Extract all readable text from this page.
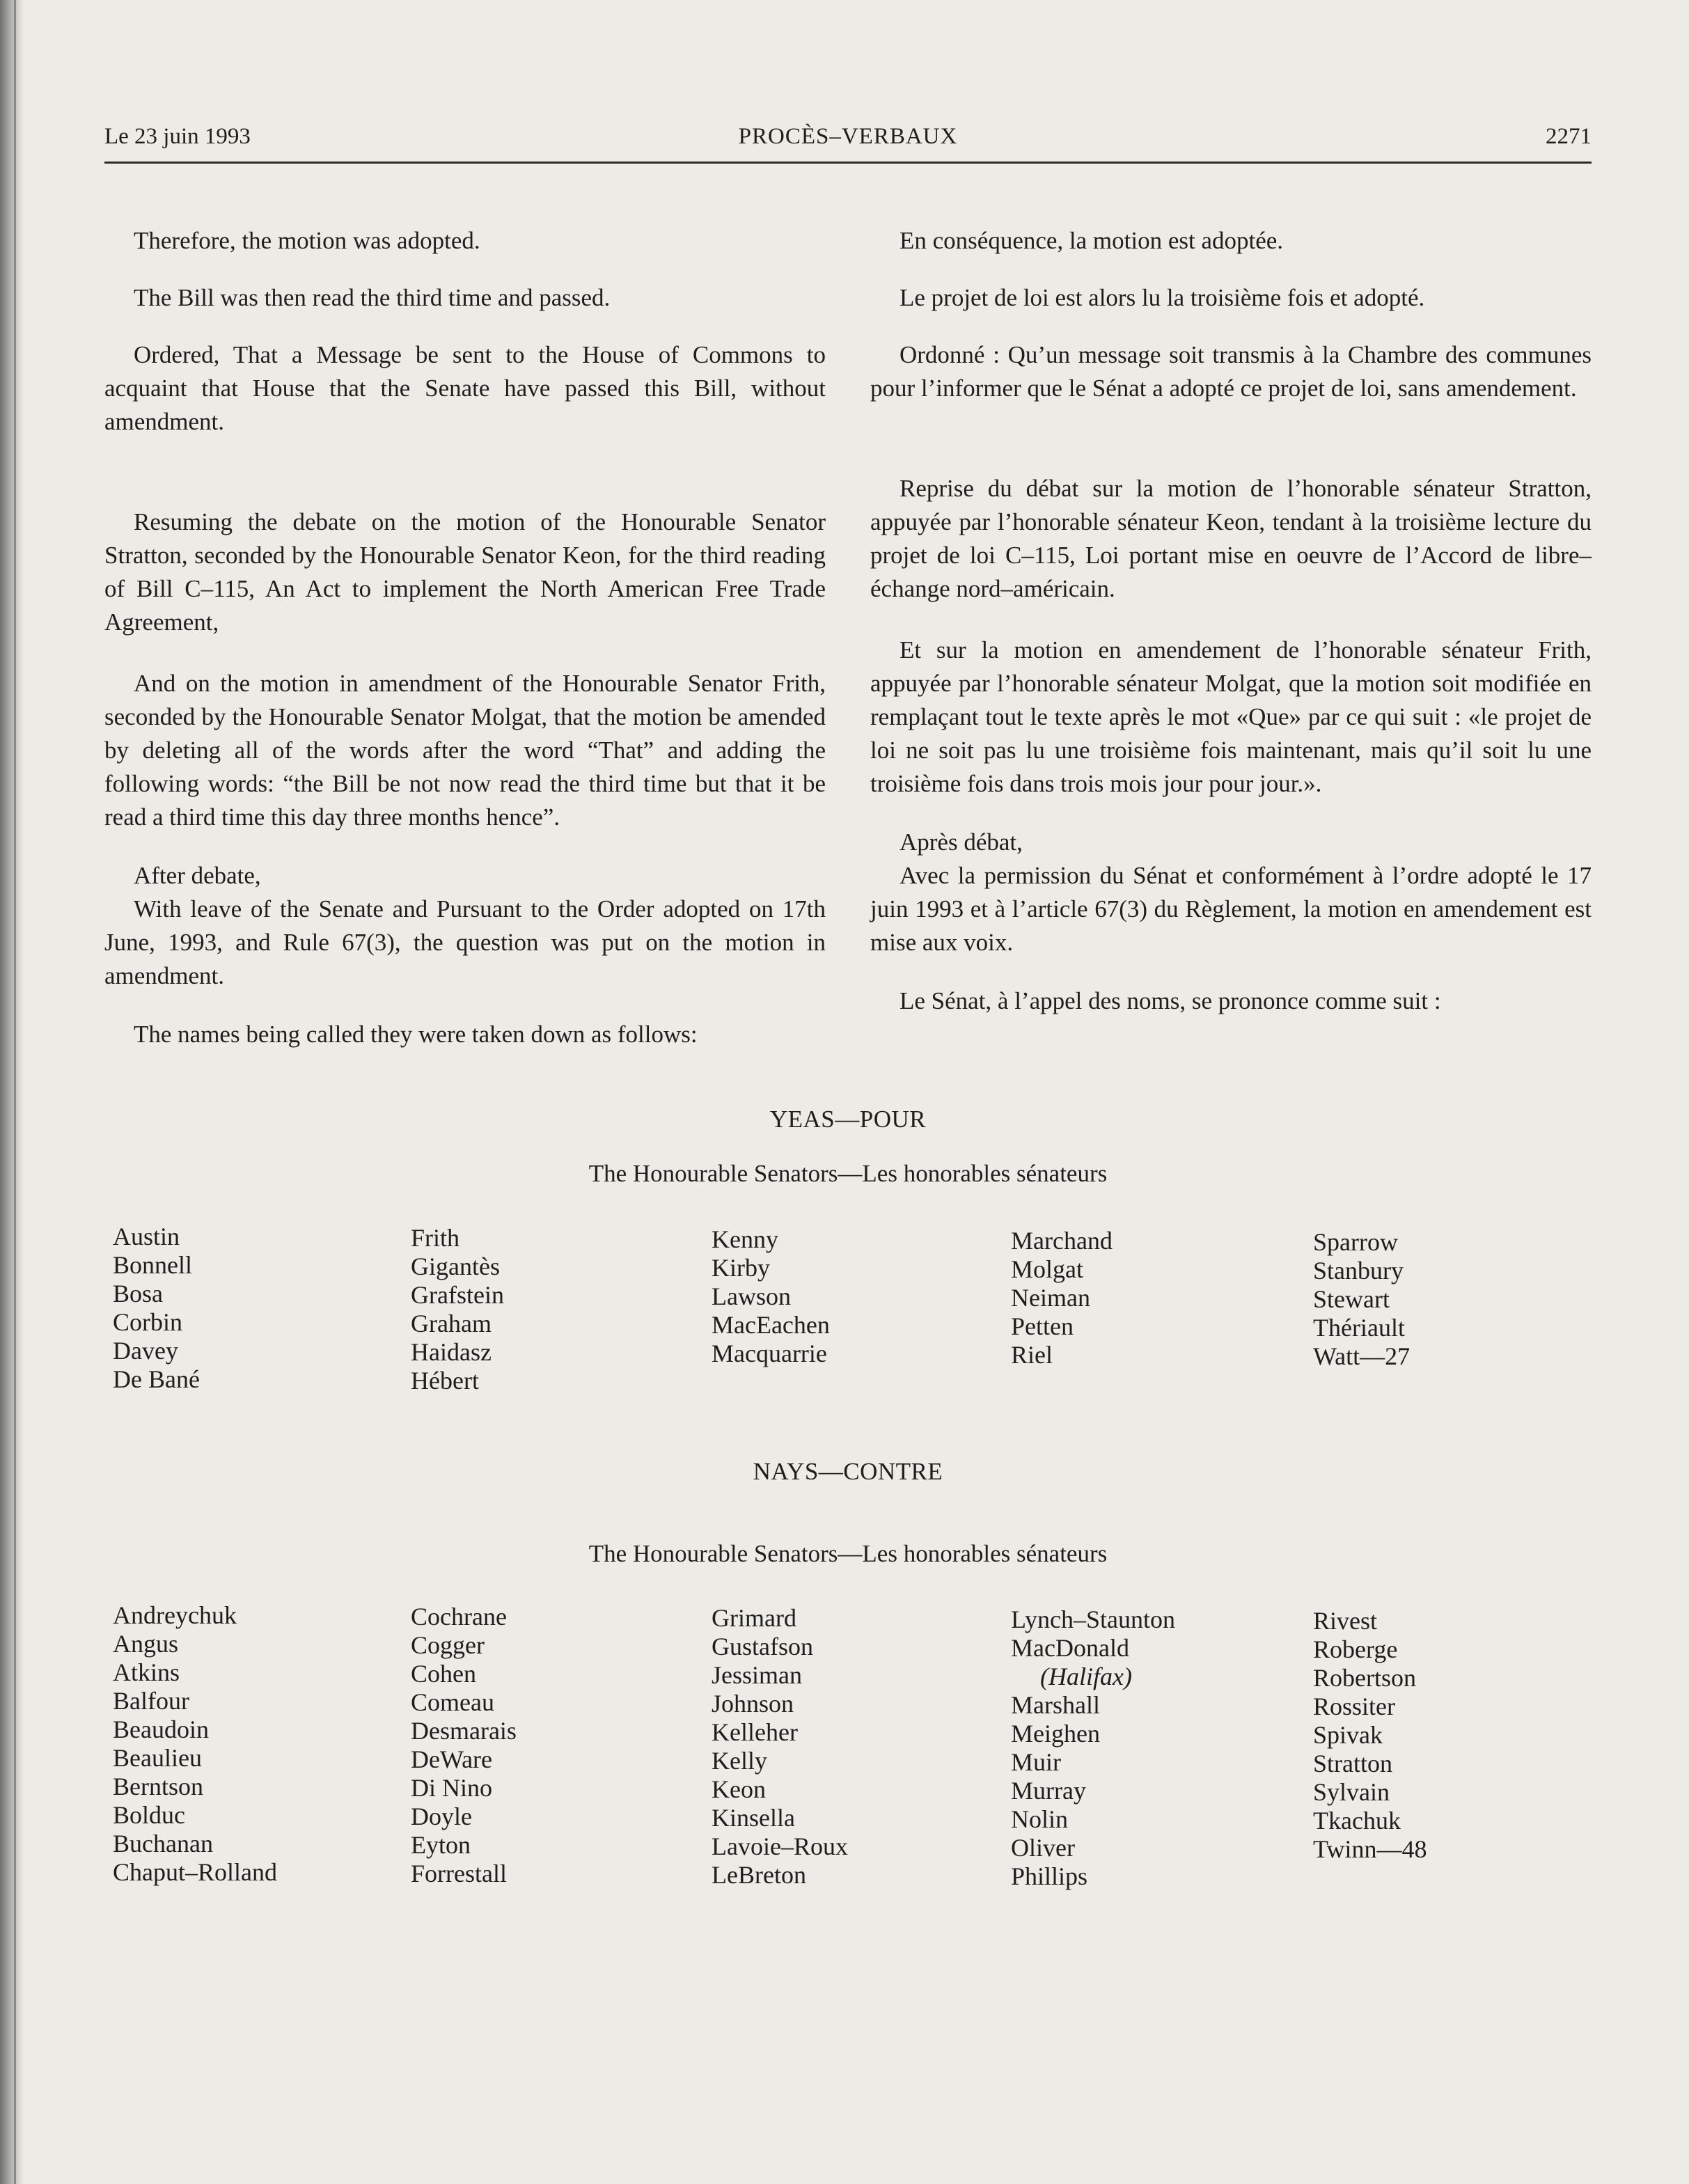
Le 23 juin 1993	PROCÈS–VERBAUX	2271

Therefore, the motion was adopted.

The Bill was then read the third time and passed.

Ordered, That a Message be sent to the House of Commons to acquaint that House that the Senate have passed this Bill, without amendment.

Resuming the debate on the motion of the Honourable Senator Stratton, seconded by the Honourable Senator Keon, for the third reading of Bill C–115, An Act to implement the North American Free Trade Agreement,

And on the motion in amendment of the Honourable Senator Frith, seconded by the Honourable Senator Molgat, that the motion be amended by deleting all of the words after the word “That” and adding the following words: “the Bill be not now read the third time but that it be read a third time this day three months hence”.

After debate,

With leave of the Senate and Pursuant to the Order adopted on 17th June, 1993, and Rule 67(3), the question was put on the motion in amendment.

The names being called they were taken down as follows:

En conséquence, la motion est adoptée.

Le projet de loi est alors lu la troisième fois et adopté.

Ordonné : Qu’un message soit transmis à la Chambre des communes pour l’informer que le Sénat a adopté ce projet de loi, sans amendement.

Reprise du débat sur la motion de l’honorable sénateur Stratton, appuyée par l’honorable sénateur Keon, tendant à la troisième lecture du projet de loi C–115, Loi portant mise en oeuvre de l’Accord de libre–échange nord–américain.

Et sur la motion en amendement de l’honorable sénateur Frith, appuyée par l’honorable sénateur Molgat, que la motion soit modifiée en remplaçant tout le texte après le mot «Que» par ce qui suit : «le projet de loi ne soit pas lu une troisième fois maintenant, mais qu’il soit lu une troisième fois dans trois mois jour pour jour.».

Après débat,

Avec la permission du Sénat et conformément à l’ordre adopté le 17 juin 1993 et à l’article 67(3) du Règlement, la motion en amendement est mise aux voix.

Le Sénat, à l’appel des noms, se prononce comme suit :

YEAS—POUR
The Honourable Senators—Les honorables sénateurs
Austin
Bonnell
Bosa
Corbin
Davey
De Bané
Frith
Gigantès
Grafstein
Graham
Haidasz
Hébert
Kenny
Kirby
Lawson
MacEachen
Macquarrie
Marchand
Molgat
Neiman
Petten
Riel
Sparrow
Stanbury
Stewart
Thériault
Watt—27
NAYS—CONTRE
The Honourable Senators—Les honorables sénateurs
Andreychuk
Angus
Atkins
Balfour
Beaudoin
Beaulieu
Berntson
Bolduc
Buchanan
Chaput–Rolland
Cochrane
Cogger
Cohen
Comeau
Desmarais
DeWare
Di Nino
Doyle
Eyton
Forrestall
Grimard
Gustafson
Jessiman
Johnson
Kelleher
Kelly
Keon
Kinsella
Lavoie–Roux
LeBreton
Lynch–Staunton
MacDonald
(Halifax)
Marshall
Meighen
Muir
Murray
Nolin
Oliver
Phillips
Rivest
Roberge
Robertson
Rossiter
Spivak
Stratton
Sylvain
Tkachuk
Twinn—48
